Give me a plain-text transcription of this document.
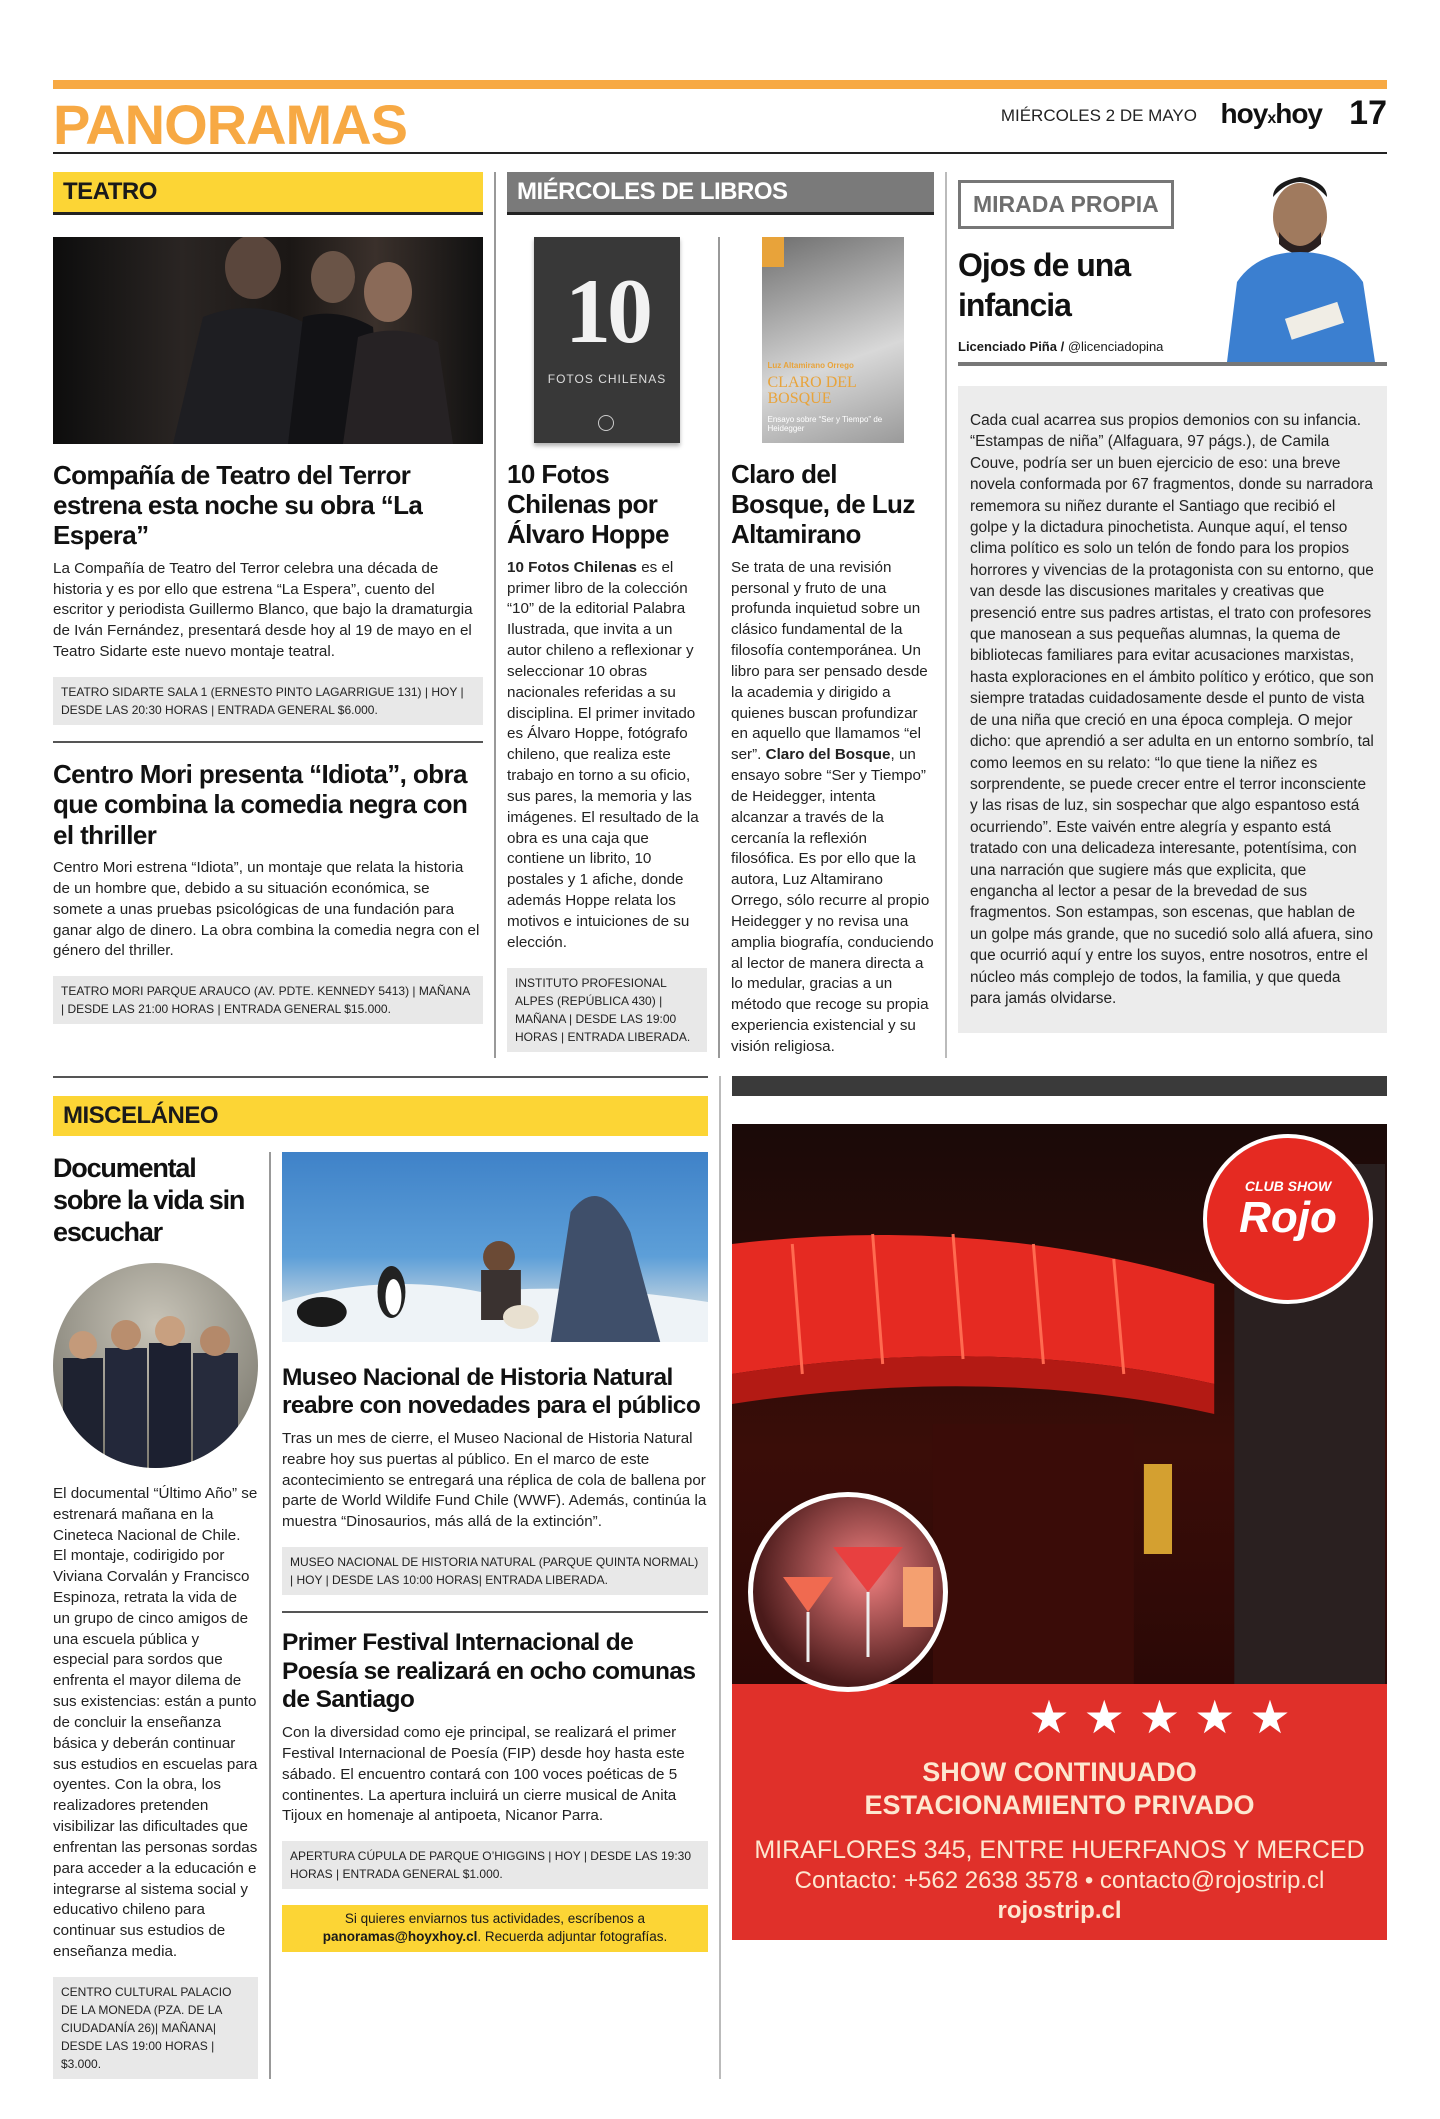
PANORAMAS	MIÉRCOLES 2 DE MAYO hoyxhoy 17
TEATRO
Compañía de Teatro del Terror estrena esta noche su obra “La Espera”
La Compañía de Teatro del Terror celebra una década de historia y es por ello que estrena “La Espera”, cuento del escritor y periodista Guillermo Blanco, que bajo la dramaturgia de Iván Fernández, presentará desde hoy al 19 de mayo en el Teatro Sidarte este nuevo montaje teatral.
TEATRO SIDARTE SALA 1 (ERNESTO PINTO LAGARRIGUE 131) | HOY | DESDE LAS 20:30 HORAS | ENTRADA GENERAL $6.000.
Centro Mori presenta “Idiota”, obra que combina la comedia negra con el thriller
Centro Mori estrena “Idiota”, un montaje que relata la historia de un hombre que, debido a su situación económica, se somete a unas pruebas psicológicas de una fundación para ganar algo de dinero. La obra combina la comedia negra con el género del thriller.
TEATRO MORI PARQUE ARAUCO (AV. PDTE. KENNEDY 5413) | MAÑANA | DESDE LAS 21:00 HORAS | ENTRADA GENERAL $15.000.
MIÉRCOLES DE LIBROS
10
FOTOS CHILENAS
10 Fotos Chilenas por Álvaro Hoppe
10 Fotos Chilenas es el primer libro de la colección “10” de la editorial Palabra Ilustrada, que invita a un autor chileno a reflexionar y seleccionar 10 obras nacionales referidas a su disciplina. El primer invitado es Álvaro Hoppe, fotógrafo chileno, que realiza este trabajo en torno a su oficio, sus pares, la memoria y las imágenes. El resultado de la obra es una caja que contiene un librito, 10 postales y 1 afiche, donde además Hoppe relata los motivos e intuiciones de su elección.
INSTITUTO PROFESIONAL ALPES (REPÚBLICA 430) | MAÑANA | DESDE LAS 19:00 HORAS | ENTRADA LIBERADA.
Luz Altamirano Orrego
CLARO DEL BOSQUE
Ensayo sobre “Ser y Tiempo” de Heidegger
Claro del Bosque, de Luz Altamirano
Se trata de una revisión personal y fruto de una profunda inquietud sobre un clásico fundamental de la filosofía contemporánea. Un libro para ser pensado desde la academia y dirigido a quienes buscan profundizar en aquello que llamamos “el ser”. Claro del Bosque, un ensayo sobre “Ser y Tiempo” de Heidegger, intenta alcanzar a través de la cercanía la reflexión filosófica. Es por ello que la autora, Luz Altamirano Orrego, sólo recurre al propio Heidegger y no revisa una amplia biografía, conduciendo al lector de manera directa a lo medular, gracias a un método que recoge su propia experiencia existencial y su visión religiosa.
MIRADA PROPIA
Ojos de una infancia
Licenciado Piña / @licenciadopina
Cada cual acarrea sus propios demonios con su infancia. “Estampas de niña” (Alfaguara, 97 págs.), de Camila Couve, podría ser un buen ejercicio de eso: una breve novela conformada por 67 fragmentos, donde su narradora rememora su niñez durante el Santiago que recibió el golpe y la dictadura pinochetista. Aunque aquí, el tenso clima político es solo un telón de fondo para los propios horrores y vivencias de la protagonista con su entorno, que van desde las discusiones maritales y creativas que presenció entre sus padres artistas, el trato con profesores que manosean a sus pequeñas alumnas, la quema de bibliotecas familiares para evitar acusaciones marxistas, hasta exploraciones en el ámbito político y erótico, que son siempre tratadas cuidadosamente desde el punto de vista de una niña que creció en una época compleja. O mejor dicho: que aprendió a ser adulta en un entorno sombrío, tal como leemos en su relato: “lo que tiene la niñez es sorprendente, se puede crecer entre el terror inconsciente y las risas de luz, sin sospechar que algo espantoso está ocurriendo”. Este vaivén entre alegría y espanto está tratado con una delicadeza interesante, potentísima, con una narración que sugiere más que explicita, que engancha al lector a pesar de la brevedad de sus fragmentos. Son estampas, son escenas, que hablan de un golpe más grande, que no sucedió solo allá afuera, sino que ocurrió aquí y entre los suyos, entre nosotros, entre el núcleo más complejo de todos, la familia, y que queda para jamás olvidarse.
MISCELÁNEO
Documental sobre la vida sin escuchar
El documental “Último Año” se estrenará mañana en la Cineteca Nacional de Chile. El montaje, codirigido por Viviana Corvalán y Francisco Espinoza, retrata la vida de un grupo de cinco amigos de una escuela pública y especial para sordos que enfrenta el mayor dilema de sus existencias: están a punto de concluir la enseñanza básica y deberán continuar sus estudios en escuelas para oyentes. Con la obra, los realizadores pretenden visibilizar las dificultades que enfrentan las personas sordas para acceder a la educación e integrarse al sistema social y educativo chileno para continuar sus estudios de enseñanza media.
CENTRO CULTURAL PALACIO DE LA MONEDA (PZA. DE LA CIUDADANÍA 26)| MAÑANA| DESDE LAS 19:00 HORAS | $3.000.
Museo Nacional de Historia Natural reabre con novedades para el público
Tras un mes de cierre, el Museo Nacional de Historia Natural reabre hoy sus puertas al público. En el marco de este acontecimiento se entregará una réplica de cola de ballena por parte de World Wildife Fund Chile (WWF). Además, continúa la muestra “Dinosaurios, más allá de la extinción”.
MUSEO NACIONAL DE HISTORIA NATURAL (PARQUE QUINTA NORMAL) | HOY | DESDE LAS 10:00 HORAS| ENTRADA LIBERADA.
Primer Festival Internacional de Poesía se realizará en ocho comunas de Santiago
Con la diversidad como eje principal, se realizará el primer Festival Internacional de Poesía (FIP) desde hoy hasta este sábado. El encuentro contará con 100 voces poéticas de 5 continentes. La apertura incluirá un cierre musical de Anita Tijoux en homenaje al antipoeta, Nicanor Parra.
APERTURA CÚPULA DE PARQUE O’HIGGINS | HOY | DESDE LAS 19:30 HORAS | ENTRADA GENERAL $1.000.
Si quieres enviarnos tus actividades, escríbenos a
panoramas@hoyxhoy.cl. Recuerda adjuntar fotografías.
CLUB SHOW
Rojo
★ ★ ★ ★ ★
SHOW CONTINUADO
ESTACIONAMIENTO PRIVADO
MIRAFLORES 345, ENTRE HUERFANOS Y MERCED
Contacto: +562 2638 3578 • contacto@rojostrip.cl
rojostrip.cl
